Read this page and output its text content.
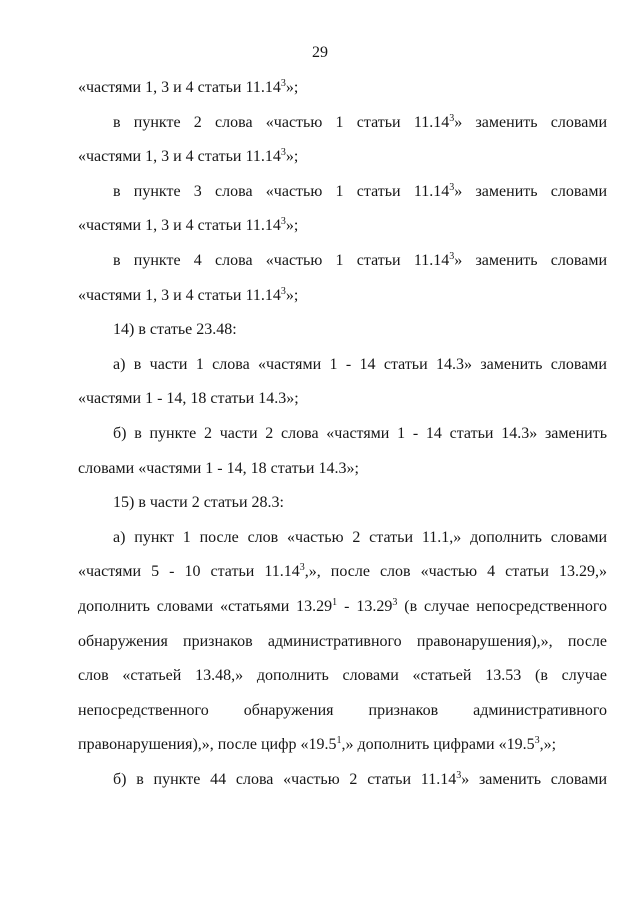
29
«частями 1, 3 и 4 статьи 11.14$^3$»;
в пункте 2 слова «частью 1 статьи 11.14$^3$» заменить словами
«частями 1, 3 и 4 статьи 11.14$^3$»;
в пункте 3 слова «частью 1 статьи 11.14$^3$» заменить словами
«частями 1, 3 и 4 статьи 11.14$^3$»;
в пункте 4 слова «частью 1 статьи 11.14$^3$» заменить словами
«частями 1, 3 и 4 статьи 11.14$^3$»;
14) в статье 23.48:
а) в части 1 слова «частями 1 - 14 статьи 14.3» заменить словами
«частями 1 - 14, 18 статьи 14.3»;
б) в пункте 2 части 2 слова «частями 1 - 14 статьи 14.3» заменить
словами «частями 1 - 14, 18 статьи 14.3»;
15) в части 2 статьи 28.3:
а) пункт 1 после слов «частью 2 статьи 11.1,» дополнить словами
«частями 5 - 10 статьи 11.14$^3$,», после слов «частью 4 статьи 13.29,»
дополнить словами «статьями 13.29$^1$ - 13.29$^3$ (в случае непосредственного
обнаружения признаков административного правонарушения),», после
слов «статьей 13.48,» дополнить словами «статьей 13.53 (в случае
непосредственного обнаружения признаков административного
правонарушения),», после цифр «19.5$^1$,» дополнить цифрами «19.5$^3$,»;
б) в пункте 44 слова «частью 2 статьи 11.14$^3$» заменить словами
